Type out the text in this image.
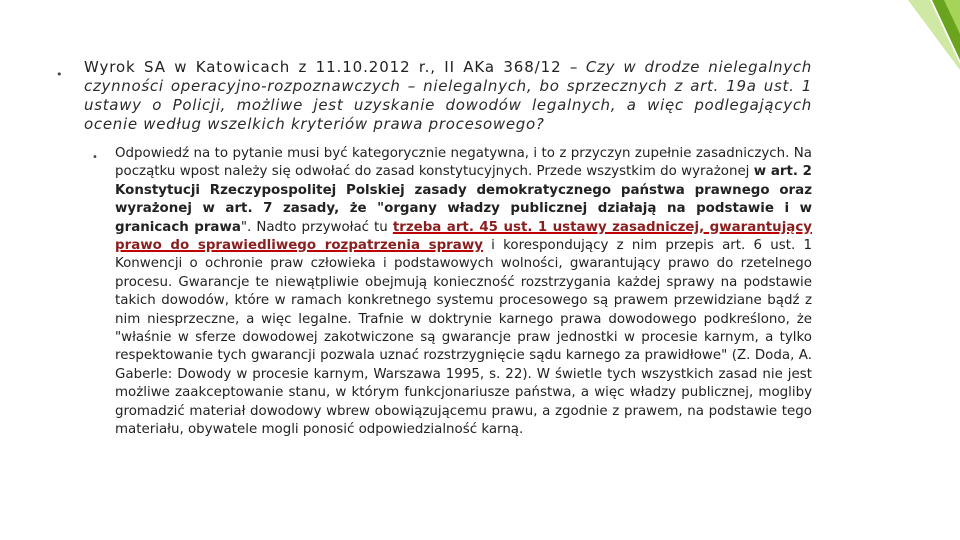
• Wyrok SA w Katowicach z 11.10.2012 r., II AKa 368/12 – Czy w drodze nielegalnych czynności operacyjno-rozpoznawczych – nielegalnych, bo sprzecznych z art. 19a ust. 1 ustawy o Policji, możliwe jest uzyskanie dowodów legalnych, a więc podlegających ocenie według wszelkich kryteriów prawa procesowego?
• Odpowiedź na to pytanie musi być kategorycznie negatywna, i to z przyczyn zupełnie zasadniczych. Na początku wpost należy się odwołać do zasad konstytucyjnych. Przede wszystkim do wyrażonej w art. 2 Konstytucji Rzeczypospolitej Polskiej zasady demokratycznego państwa prawnego oraz wyrażonej w art. 7 zasady, że "organy władzy publicznej działają na podstawie i w granicach prawa". Nadto przywołać tu trzeba art. 45 ust. 1 ustawy zasadniczej, gwarantujący prawo do sprawiedliwego rozpatrzenia sprawy i korespondujący z nim przepis art. 6 ust. 1 Konwencji o ochronie praw człowieka i podstawowych wolności, gwarantujący prawo do rzetelnego procesu. Gwarancje te niewątpliwie obejmują konieczność rozstrzygania każdej sprawy na podstawie takich dowodów, które w ramach konkretnego systemu procesowego są prawem przewidziane bądź z nim niesprzeczne, a więc legalne. Trafnie w doktrynie karnego prawa dowodowego podkreślono, że "właśnie w sferze dowodowej zakotwiczone są gwarancje praw jednostki w procesie karnym, a tylko respektowanie tych gwarancji pozwala uznać rozstrzygnięcie sądu karnego za prawidłowe" (Z. Doda, A. Gaberle: Dowody w procesie karnym, Warszawa 1995, s. 22). W świetle tych wszystkich zasad nie jest możliwe zaakceptowanie stanu, w którym funkcjonariusze państwa, a więc władzy publicznej, mogliby gromadzić materiał dowodowy wbrew obowiązującemu prawu, a zgodnie z prawem, na podstawie tego materiału, obywatele mogli ponosić odpowiedzialność karną.
